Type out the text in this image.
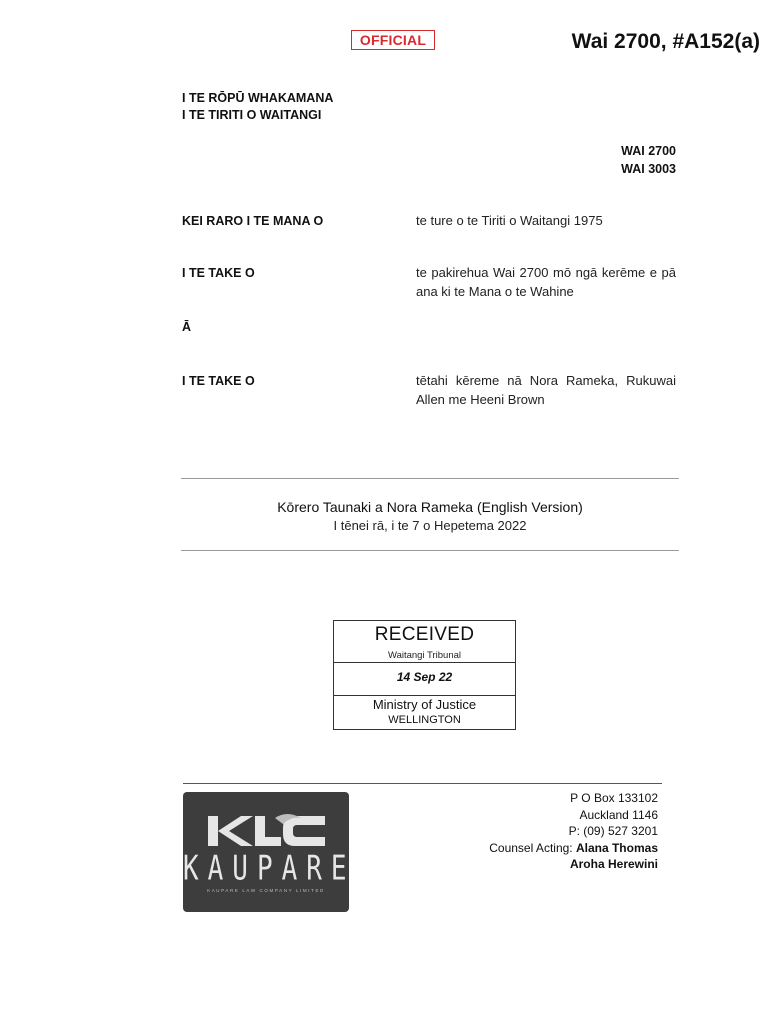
OFFICIAL	Wai 2700, #A152(a)
I TE RŌPŪ WHAKAMANA
I TE TIRITI O WAITANGI
WAI 2700
WAI 3003
KEI RARO I TE MANA O	te ture o te Tiriti o Waitangi 1975
I TE TAKE O	te pakirehua Wai 2700 mō ngā kerēme e pā ana ki te Mana o te Wahine
Ā
I TE TAKE O	tētahi kēreme nā Nora Rameka, Rukuwai Allen me Heeni Brown
Kōrero Taunaki a Nora Rameka (English Version)
I tēnei rā, i te 7 o Hepetema 2022
RECEIVED
Waitangi Tribunal
14 Sep 22
Ministry of Justice
WELLINGTON
KAUPARE
KAUPARE LAW COMPANY LIMITED
P O Box 133102
Auckland 1146
P: (09) 527 3201
Counsel Acting: Alana Thomas
Aroha Herewini
